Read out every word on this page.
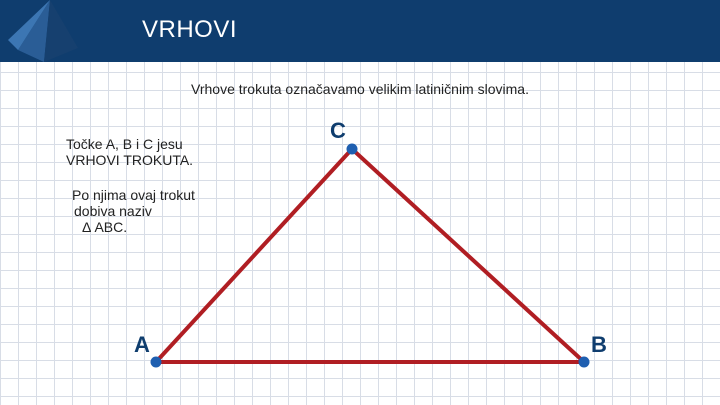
VRHOVI
Vrhove trokuta označavamo velikim latiničnim slovima.
Točke A, B i C jesu
VRHOVI TROKUTA.
Po njima ovaj trokut
dobiva naziv
Δ ABC.
A	B
C
